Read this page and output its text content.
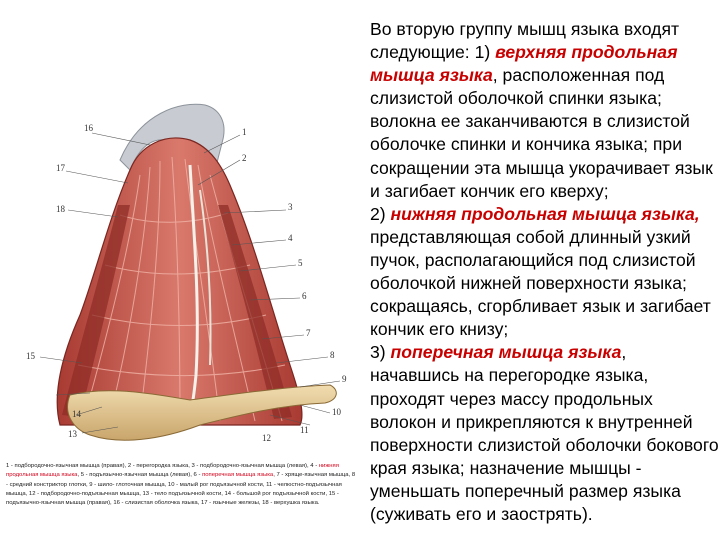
16
17
18
1
2
3
4
5
6
7
8
9
10
11
12
13
14
15
1 - подбородочно-язычная мышца (правая), 2 - перегородка языка, 3 - подбородочно-язычная мышца (левая), 4 - нижняя продольная мышца языка, 5 - подъязычно-язычная мышца (левая), 6 - поперечная мышца языка, 7 - хряще-язычная мышца, 8 - средний констриктор глотки, 9 - шило- глоточная мышца, 10 - малый рог подъязычной кости, 11 - челюстно-подъязычная мышца, 12 - подбородочно-подъязычная мышца, 13 - тело подъязычной кости, 14 - большой рог подъязычной кости, 15 - подъязычно-язычная мышца (правая), 16 - слизистая оболочка языка, 17 - язычные железы, 18 - верхушка языка.
Во вторую группу мышц языка входят следующие: 1) верхняя продольная мышца языка, расположенная под слизистой оболочкой спинки языка; волокна ее заканчиваются в слизистой оболочке спинки и кончика языка; при сокращении эта мышца укорачивает язык и загибает кончик его кверху;
2) нижняя продольная мышца языка, представляющая собой длинный узкий пучок, располагающийся под слизистой оболочкой нижней поверхности языка; сокращаясь, сгорбливает язык и загибает кончик его книзу;
3) поперечная мышца языка, начавшись на перегородке языка, проходят через массу продольных волокон и прикрепляются к внутренней поверхности слизистой оболочки бокового края языка; назначение мышцы - уменьшать поперечный размер языка (суживать его и заострять).
